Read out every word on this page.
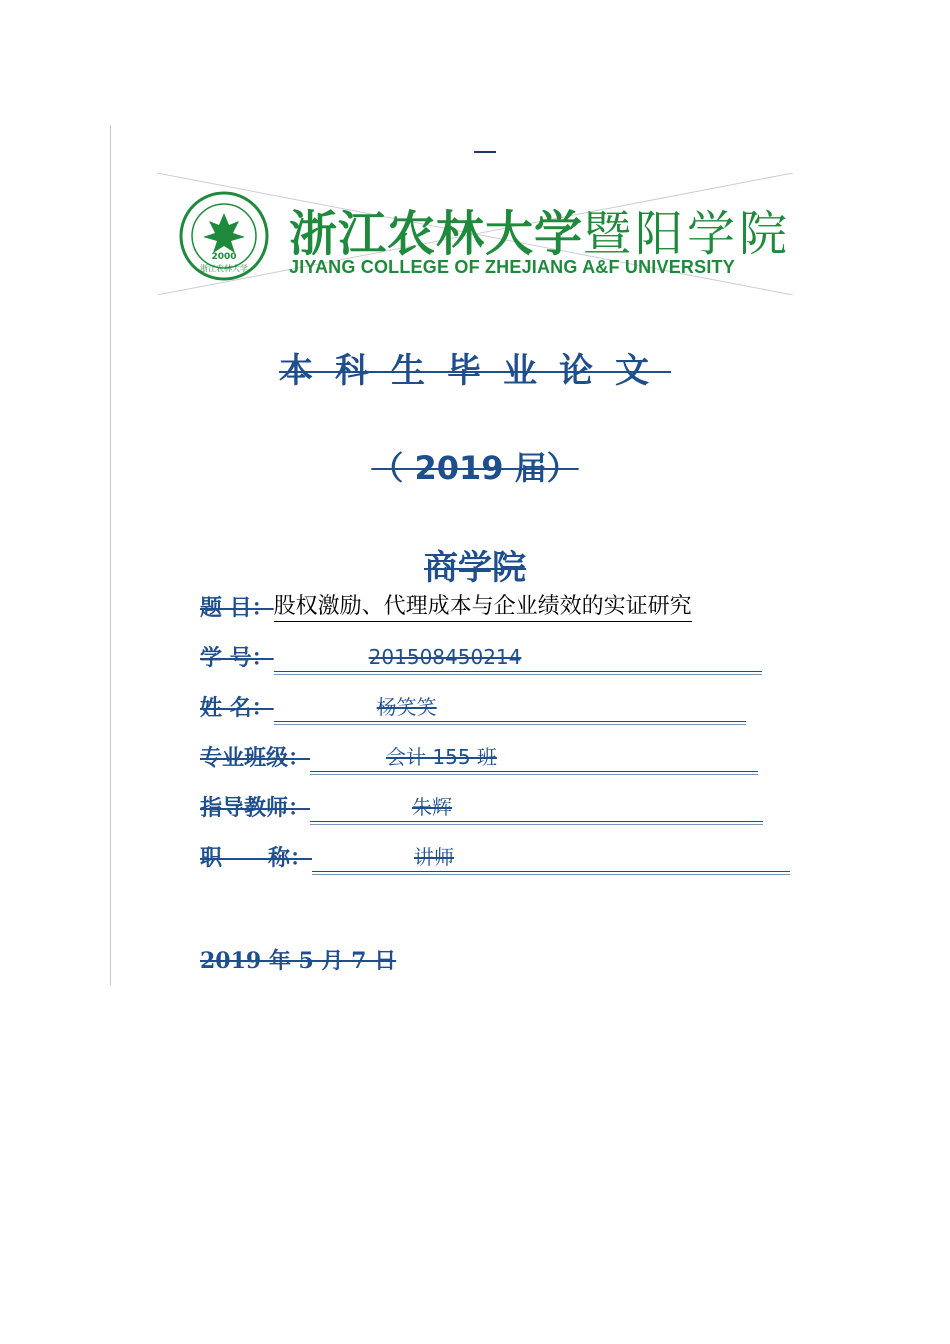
2000
浙江农林大学
浙江农林大学暨阳学院
JIYANG COLLEGE OF ZHEJIANG A&F UNIVERSITY
本科生毕业论文
（ 2019 届）
商学院
题 目： 股权激励、代理成本与企业绩效的实证研究
学 号：	201508450214
姓 名：	杨笑笑
专业班级：	会计 155 班
指导教师：	朱辉
职      称：	讲师
2019 年 5 月 7 日
